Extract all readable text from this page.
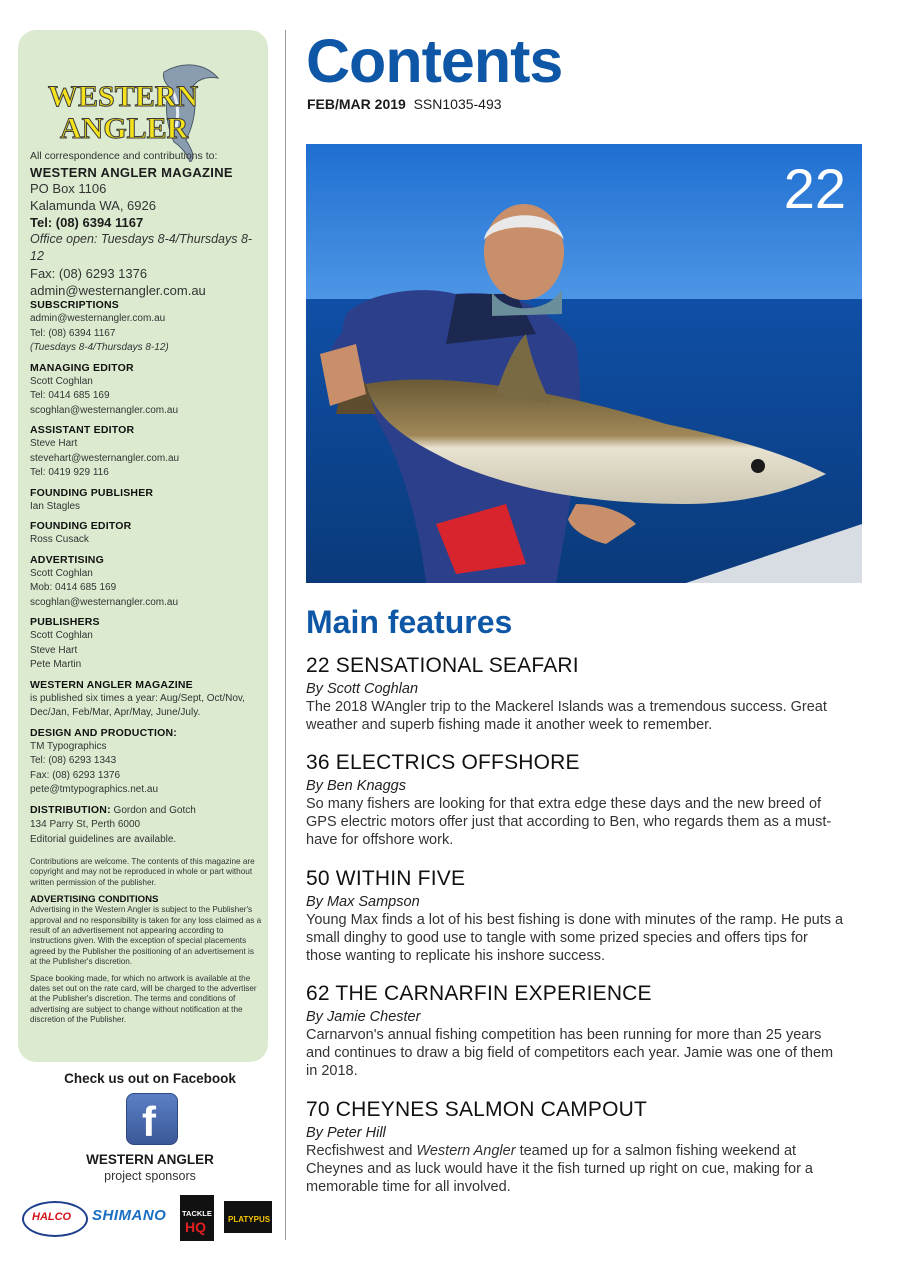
WESTERN
ANGLER
All correspondence and contributions to:
WESTERN ANGLER MAGAZINE
PO Box 1106
Kalamunda WA, 6926
Tel: (08) 6394 1167
Office open: Tuesdays 8-4/Thursdays 8-12
Fax: (08) 6293 1376
admin@westernangler.com.au
SUBSCRIPTIONS
admin@westernangler.com.au
Tel: (08) 6394 1167
(Tuesdays 8-4/Thursdays 8-12)
MANAGING EDITOR
Scott Coghlan
Tel: 0414 685 169
scoghlan@westernangler.com.au
ASSISTANT EDITOR
Steve Hart
stevehart@westernangler.com.au
Tel: 0419 929 116
FOUNDING PUBLISHER
Ian Stagles
FOUNDING EDITOR
Ross Cusack
ADVERTISING
Scott Coghlan
Mob: 0414 685 169
scoghlan@westernangler.com.au
PUBLISHERS
Scott Coghlan
Steve Hart
Pete Martin
WESTERN ANGLER MAGAZINE
is published six times a year: Aug/Sept, Oct/Nov,
Dec/Jan, Feb/Mar, Apr/May, June/July.
DESIGN AND PRODUCTION:
TM Typographics
Tel: (08) 6293 1343
Fax: (08) 6293 1376
pete@tmtypographics.net.au
DISTRIBUTION: Gordon and Gotch
134 Parry St, Perth 6000
Editorial guidelines are available.

Contributions are welcome. The contents of this magazine are copyright and may not be reproduced in whole or part without written permission of the publisher.

ADVERTISING CONDITIONS

Advertising in the Western Angler is subject to the Publisher's approval and no responsibility is taken for any loss claimed as a result of an advertisement not appearing according to instructions given. With the exception of special placements agreed by the Publisher the positioning of an advertisement is at the Publisher's discretion.

Space booking made, for which no artwork is available at the dates set out on the rate card, will be charged to the advertiser at the Publisher's discretion. The terms and conditions of advertising are subject to change without notification at the discretion of the Publisher.

Check us out on Facebook
f
WESTERN ANGLER
project sponsors
HALCO SHIMANO TACKLE
HQ	PLATYPUS
Contents
FEB/MAR 2019 SSN1035-493
22
Main features
22 SENSATIONAL SEAFARI
By Scott Coghlan
The 2018 WAngler trip to the Mackerel Islands was a tremendous success. Great weather and superb fishing made it another week to remember.
36 ELECTRICS OFFSHORE
By Ben Knaggs
So many fishers are looking for that extra edge these days and the new breed of GPS electric motors offer just that according to Ben, who regards them as a must-have for offshore work.
50 WITHIN FIVE
By Max Sampson
Young Max finds a lot of his best fishing is done with minutes of the ramp. He puts a small dinghy to good use to tangle with some prized species and offers tips for those wanting to replicate his inshore success.
62 THE CARNARFIN EXPERIENCE
By Jamie Chester
Carnarvon's annual fishing competition has been running for more than 25 years and continues to draw a big field of competitors each year. Jamie was one of them in 2018.
70 CHEYNES SALMON CAMPOUT
By Peter Hill
Recfishwest and Western Angler teamed up for a salmon fishing weekend at Cheynes and as luck would have it the fish turned up right on cue, making for a memorable time for all involved.
